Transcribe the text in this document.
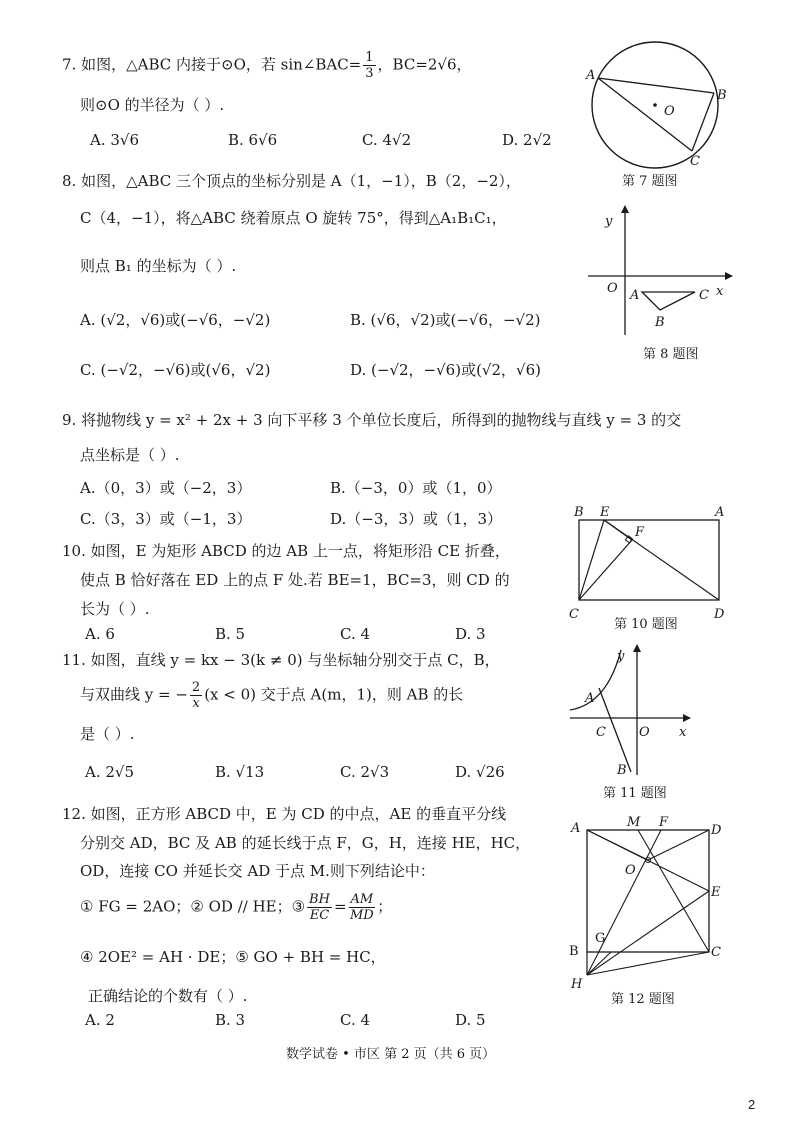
7. 如图，△ABC 内接于⊙O，若 sin∠BAC= $\frac{1}{3}$ ，BC=2√6，
则⊙O 的半径为（ ）.
A. 3√6	B. 6√6	C. 4√2	D. 2√2
A
B
C
O
第 7 题图
8. 如图，△ABC 三个顶点的坐标分别是 A（1，−1），B（2，−2），
C（4，−1），将△ABC 绕着原点 O 旋转 75°，得到△A₁B₁C₁，
则点 B₁ 的坐标为（ ）.
A. (√2，√6)或(−√6，−√2)	B. (√6，√2)或(−√6，−√2)
C. (−√2，−√6)或(√6，√2)	D. (−√2，−√6)或(√2，√6)
y
O A	C x
B
第 8 题图
9. 将抛物线 y = x² + 2x + 3 向下平移 3 个单位长度后，所得到的抛物线与直线 y = 3 的交
点坐标是（ ）.
A.（0，3）或（−2，3）	B.（−3，0）或（1，0）
C.（3，3）或（−1，3）	D.（−3，3）或（1，3）
10. 如图，E 为矩形 ABCD 的边 AB 上一点，将矩形沿 CE 折叠，
使点 B 恰好落在 ED 上的点 F 处.若 BE=1，BC=3，则 CD 的
长为（ ）.
A. 6	B. 5	C. 4	D. 3
B E	A
F
C	D
第 10 题图
11. 如图，直线 y = kx − 3(k ≠ 0) 与坐标轴分别交于点 C，B，
与双曲线 y = − $\frac{2}{x} (x < 0)$ 交于点 A(m，1)，则 AB 的长
是（ ）.
A. 2√5	B. √13	C. 2√3	D. √26
y
A
C	O x
B
第 11 题图
12. 如图，正方形 ABCD 中，E 为 CD 的中点，AE 的垂直平分线
分别交 AD，BC 及 AB 的延长线于点 F，G，H，连接 HE，HC，
OD，连接 CO 并延长交 AD 于点 M.则下列结论中：
① FG = 2AO；② OD // HE；③ $\frac{BH}{EC} = \frac{AM}{MD}$ ；
④ 2OE² = AH · DE；⑤ GO + BH = HC，
正确结论的个数有（ ）.
A. 2	B. 3	C. 4	D. 5
A	M F
D
O
E
B
G
C
H
第 12 题图
数学试卷 • 市区 第 2 页（共 6 页）
2
